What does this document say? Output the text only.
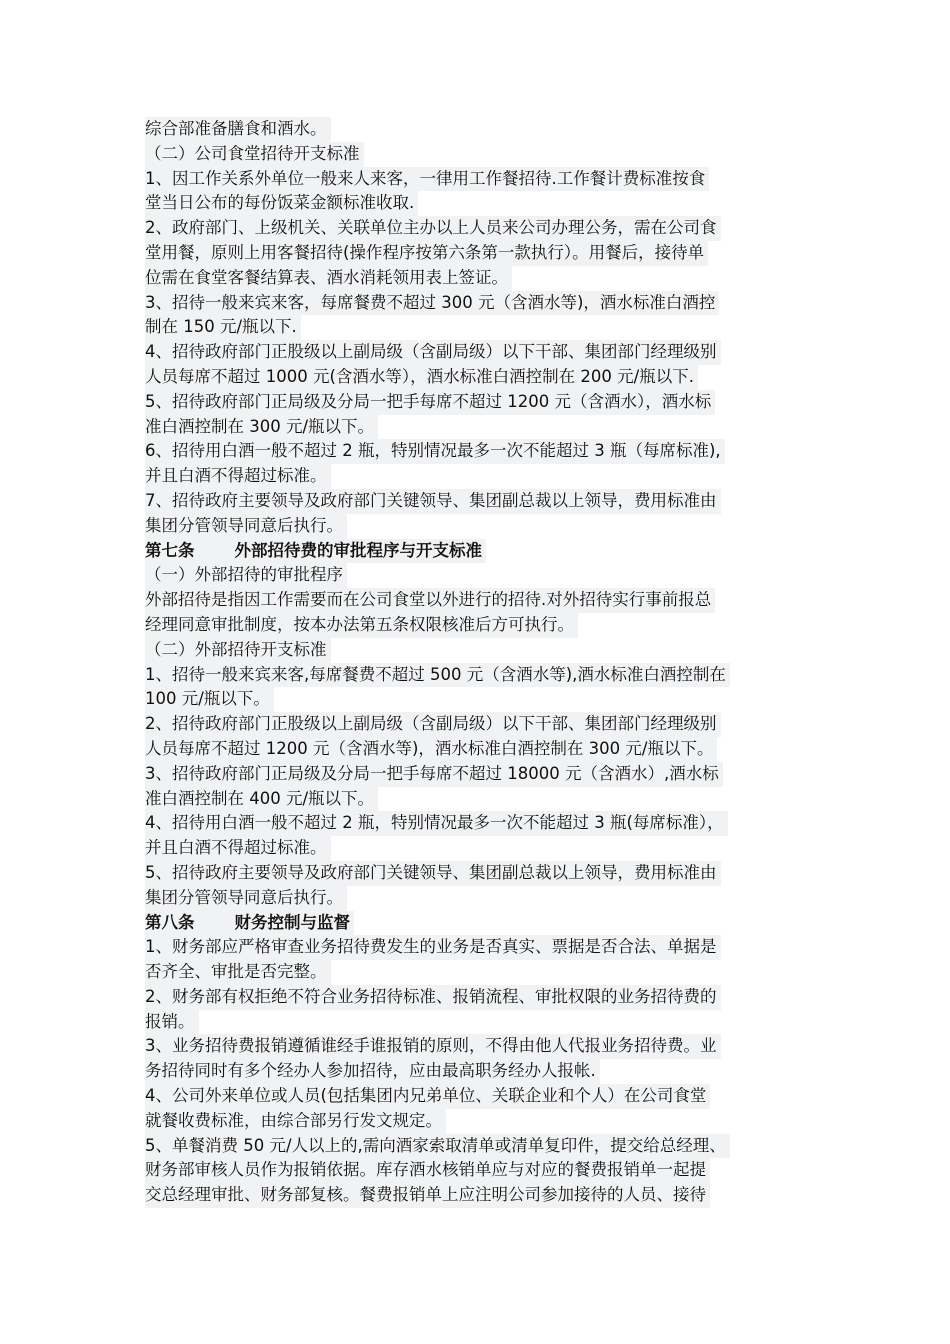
综合部准备膳食和酒水。
（二）公司食堂招待开支标准
1、因工作关系外单位一般来人来客，一律用工作餐招待.工作餐计费标准按食
堂当日公布的每份饭菜金额标准收取.
2、政府部门、上级机关、关联单位主办以上人员来公司办理公务，需在公司食
堂用餐，原则上用客餐招待(操作程序按第六条第一款执行）。用餐后，接待单
位需在食堂客餐结算表、酒水消耗领用表上签证。
3、招待一般来宾来客，每席餐费不超过 300 元（含酒水等)，酒水标准白酒控
制在 150 元/瓶以下.
4、招待政府部门正股级以上副局级（含副局级）以下干部、集团部门经理级别
人员每席不超过 1000 元(含酒水等），酒水标准白酒控制在 200 元/瓶以下.
5、招待政府部门正局级及分局一把手每席不超过 1200 元（含酒水），酒水标
准白酒控制在 300 元/瓶以下。
6、招待用白酒一般不超过 2 瓶，特别情况最多一次不能超过 3 瓶（每席标准),
并且白酒不得超过标准。
7、招待政府主要领导及政府部门关键领导、集团副总裁以上领导，费用标准由
集团分管领导同意后执行。
第七条 外部招待费的审批程序与开支标准
（一）外部招待的审批程序
外部招待是指因工作需要而在公司食堂以外进行的招待.对外招待实行事前报总
经理同意审批制度，按本办法第五条权限核准后方可执行。
（二）外部招待开支标准
1、招待一般来宾来客,每席餐费不超过 500 元（含酒水等),酒水标准白酒控制在
100 元/瓶以下。
2、招待政府部门正股级以上副局级（含副局级）以下干部、集团部门经理级别
人员每席不超过 1200 元（含酒水等)，酒水标准白酒控制在 300 元/瓶以下。
3、招待政府部门正局级及分局一把手每席不超过 18000 元（含酒水）,酒水标
准白酒控制在 400 元/瓶以下。
4、招待用白酒一般不超过 2 瓶，特别情况最多一次不能超过 3 瓶(每席标准），
并且白酒不得超过标准。
5、招待政府主要领导及政府部门关键领导、集团副总裁以上领导，费用标准由
集团分管领导同意后执行。
第八条 财务控制与监督
1、财务部应严格审查业务招待费发生的业务是否真实、票据是否合法、单据是
否齐全、审批是否完整。
2、财务部有权拒绝不符合业务招待标准、报销流程、审批权限的业务招待费的
报销。
3、业务招待费报销遵循谁经手谁报销的原则，不得由他人代报业务招待费。业
务招待同时有多个经办人参加招待，应由最高职务经办人报帐.
4、公司外来单位或人员(包括集团内兄弟单位、关联企业和个人）在公司食堂
就餐收费标准，由综合部另行发文规定。
5、单餐消费 50 元/人以上的,需向酒家索取清单或清单复印件，提交给总经理、
财务部审核人员作为报销依据。库存酒水核销单应与对应的餐费报销单一起提
交总经理审批、财务部复核。餐费报销单上应注明公司参加接待的人员、接待
